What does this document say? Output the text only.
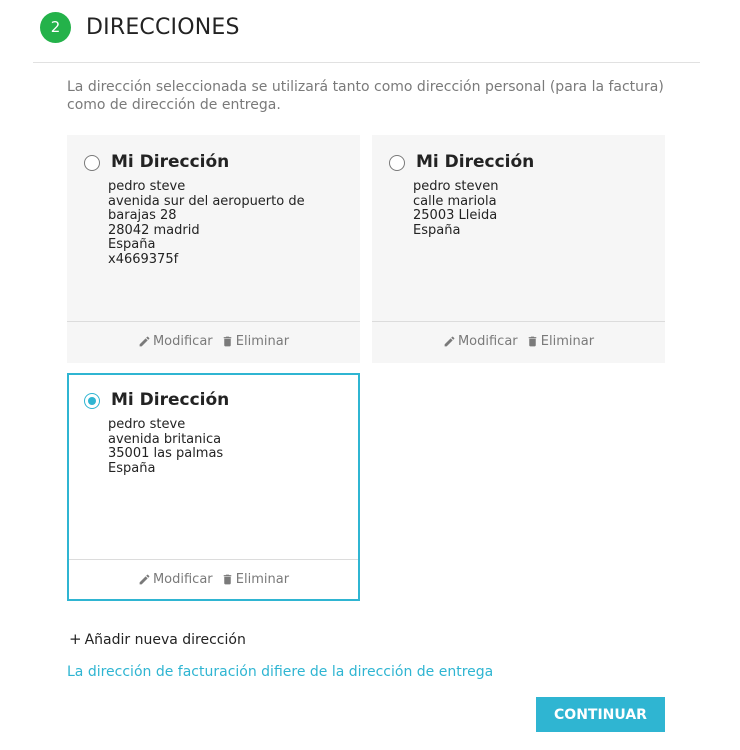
2	DIRECCIONES
La dirección seleccionada se utilizará tanto como dirección personal (para la factura) como de dirección de entrega.
Mi Dirección
pedro steve
avenida sur del aeropuerto de
barajas 28
28042 madrid
España
x4669375f
Modificar
Eliminar
Mi Dirección
pedro steven
calle mariola
25003 Lleida
España
Modificar
Eliminar
Mi Dirección
pedro steve
avenida britanica
35001 las palmas
España
Modificar
Eliminar
+ Añadir nueva dirección
La dirección de facturación difiere de la dirección de entrega
CONTINUAR
